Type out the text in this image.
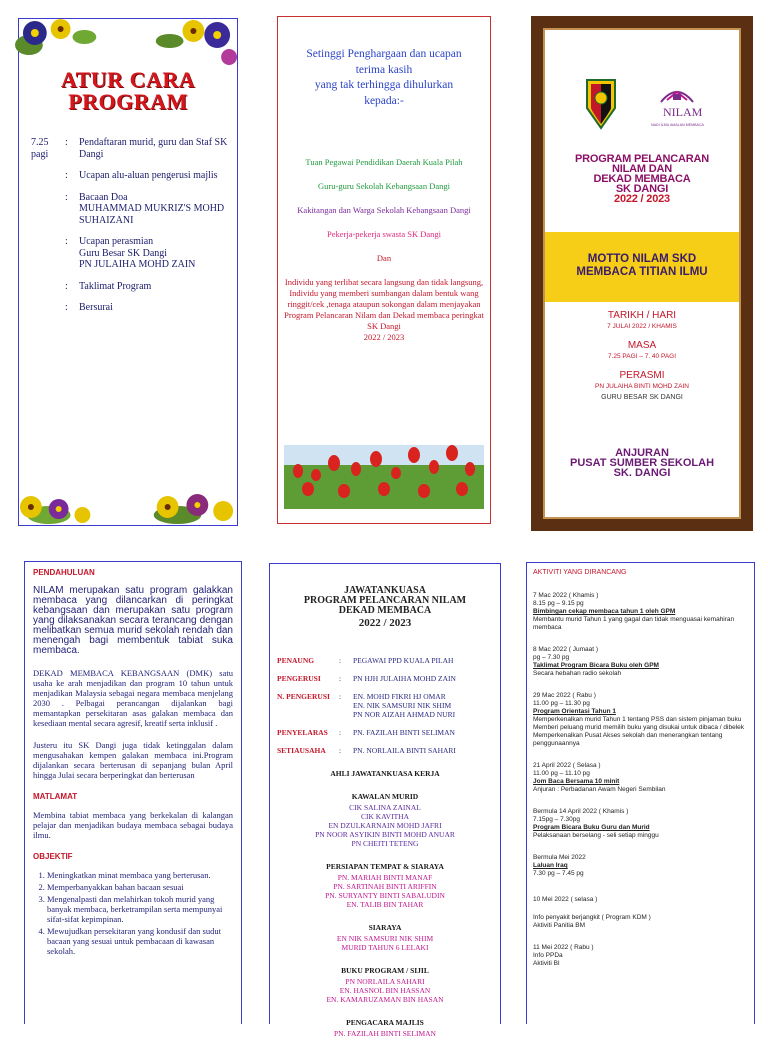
ATUR CARA
PROGRAM
7.25 pagi
:	Pendaftaran murid, guru dan Staf SK Dangi
:	Ucapan alu-aluan pengerusi majlis
:	Bacaan Doa
MUHAMMAD MUKRIZ'S MOHD SUHAIZANI
:	Ucapan perasmian
Guru Besar SK Dangi
PN JULAIHA MOHD ZAIN
:	Taklimat Program
:	Bersurai
Setinggi Penghargaan dan ucapan
terima kasih
yang tak terhingga dihulurkan
kepada:-
Tuan Pegawai Pendidikan Daerah Kuala Pilah
Guru-guru Sekolah Kebangsaan Dangi
Kakitangan dan Warga Sekolah Kebangsaan Dangi
Pekerja-pekerja swasta SK Dangi
Dan
Individu yang terlibat secara langsung dan tidak langsung,
Individu yang memberi sumbangan dalam bentuk wang ringgit/cek ,tenaga ataupun sokongan dalam menjayakan
Program Pelancaran Nilam dan Dekad membaca peringkat SK Dangi
2022 / 2023
NILAM
NADI ILMU AMALAN MEMBACA
PROGRAM PELANCARAN
NILAM DAN
DEKAD MEMBACA
SK DANGI
2022 / 2023
MOTTO NILAM SKD
MEMBACA TITIAN ILMU
TARIKH / HARI
7 JULAI 2022 / KHAMIS
MASA
7.25 PAGI – 7. 40 PAGI
PERASMI
PN JULAIHA BINTI MOHD ZAIN
GURU BESAR SK DANGI
ANJURAN
PUSAT SUMBER SEKOLAH
SK. DANGI
PENDAHULUAN

NILAM merupakan satu program galakkan membaca yang dilancarkan di peringkat kebangsaan dan merupakan satu program yang dilaksanakan secara terancang dengan melibatkan semua murid sekolah rendah dan menengah bagi membentuk tabiat suka membaca.

DEKAD MEMBACA KEBANGSAAN (DMK) satu usaha ke arah menjadikan dan program 10 tahun untuk menjadikan Malaysia sebagai negara membaca menjelang 2030 . Pelbagai perancangan dijalankan bagi memantapkan persekitaran asas galakan membaca dan kesediaan mental secara agresif, kreatif serta inklusif .

Justeru itu SK Dangi juga tidak ketinggalan dalam mengusahakan kempen galakan membaca ini.Program dijalankan secara berterusan di sepanjang bulan April hingga Julai secara berperingkat dan berterusan

MATLAMAT

Membina tabiat membaca yang berkekalan di kalangan pelajar dan menjadikan budaya membaca sebagai budaya ilmu.

OBJEKTIF
1. Meningkatkan minat membaca yang berterusan.
2. Memperbanyakkan bahan bacaan sesuai
3. Mengenalpasti dan melahirkan tokoh murid yang banyak membaca, berketrampilan serta mempunyai sifat-sifat kepimpinan.
4. Mewujudkan persekitaran yang kondusif dan sudut bacaan yang sesuai untuk pembacaan di kawasan sekolah.
JAWATANKUASA
PROGRAM PELANCARAN NILAM
DEKAD MEMBACA
2022 / 2023
PENAUNG	:	PEGAWAI PPD KUALA PILAH
PENGERUSI	:	PN HJH JULAIHA MOHD ZAIN
N. PENGERUSI	:	EN. MOHD FIKRI HJ OMAR
EN. NIK SAMSURI NIK SHIM
PN NOR AIZAH AHMAD NURI
PENYELARAS	:	PN. FAZILAH BINTI SELIMAN
SETIAUSAHA	:	PN. NORLAILA BINTI SAHARI
AHLI JAWATANKUASA KERJA
KAWALAN MURID
CIK SALINA ZAINAL
CIK KAVITHA
EN DZULKARNAIN MOHD JAFRI
PN NOOR ASYIKIN BINTI MOHD ANUAR
PN CHEITI TETENG
PERSIAPAN TEMPAT & SIARAYA
PN. MARIAH BINTI MANAF
PN. SARTINAH BINTI ARIFFIN
PN. SURYANTY BINTI SABALUDIN
EN. TALIB BIN TAHAR
SIARAYA
EN NIK SAMSURI NIK SHIM
MURID TAHUN 6 LELAKI
BUKU PROGRAM / SIJIL
PN NORLAILA SAHARI
EN. HASNOL BIN HASSAN
EN. KAMARUZAMAN BIN HASAN
PENGACARA MAJLIS
PN. FAZILAH BINTI SELIMAN
AKTIVITI YANG DIRANCANG
7 Mac 2022 ( Khamis )
8.15 pg – 9.15 pg
Bimbingan cekap membaca tahun 1 oleh GPM
Membantu murid Tahun 1 yang gagal dan tidak menguasai kemahiran membaca
8 Mac 2022 ( Jumaat )
pg – 7.30 pg
Taklimat Program Bicara Buku oleh GPM
Secara hebahan radio sekolah
29 Mac 2022 ( Rabu )
11.00 pg – 11.30 pg
Program Orientasi Tahun 1
Memperkenalkan murid Tahun 1 tentang PSS dan sistem pinjaman buku
Memberi peluang murid memilih buku yang disukai untuk dibaca / dibelek
Memperkenalkan Pusat Akses sekolah dan menerangkan tentang penggunaannya
21 April 2022 ( Selasa )
11.00 pg – 11.10 pg
Jom Baca Bersama 10 minit
Anjuran : Perbadanan Awam Negeri Sembilan
Bermula 14 April 2022 ( Khamis )
7.15pg – 7.30pg
Program Bicara Buku Guru dan Murid
Pelaksanaan berselang - seli setiap minggu
Bermula Mei 2022
Laluan Iraq
7.30 pg – 7.45 pg
10 Mei 2022 ( selasa )
Info penyakit berjangkit ( Program KDM )
Aktiviti Panitia BM
11 Mei 2022 ( Rabu )
Info PPDa
Aktiviti BI
